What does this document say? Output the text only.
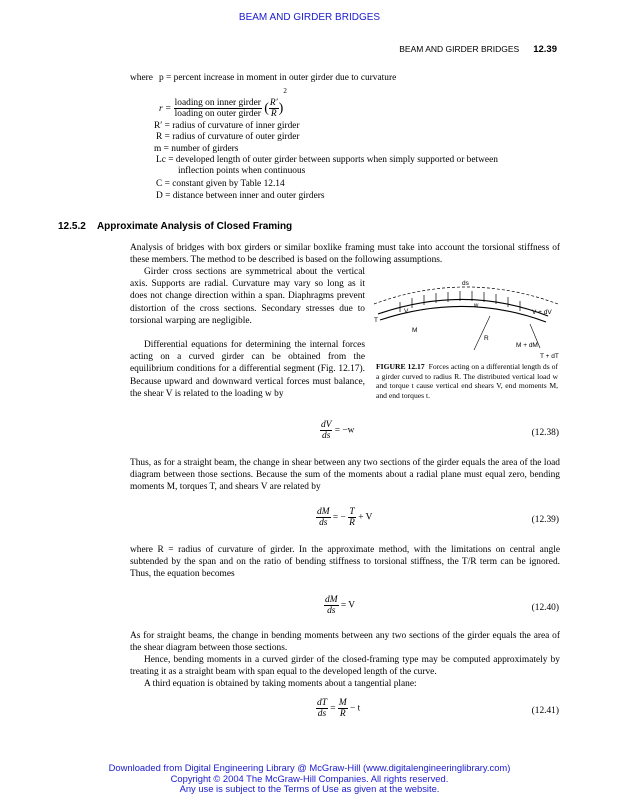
BEAM AND GIRDER BRIDGES
BEAM AND GIRDER BRIDGES 12.39
where p = percent increase in moment in outer girder due to curvature
$r = \frac{\text{loading on inner girder}}{\text{loading on outer girder}}$ ( $\frac{R'}{R} )^2$
R′ = radius of curvature of inner girder
R = radius of curvature of outer girder
m = number of girders
Lc = developed length of outer girder between supports when simply supported or between
inflection points when continuous
C = constant given by Table 12.14
D = distance between inner and outer girders
12.5.2 Approximate Analysis of Closed Framing
Analysis of bridges with box girders or similar boxlike framing must take into account the torsional stiffness of these members. The method to be described is based on the following assumptions.
Girder cross sections are symmetrical about the vertical axis. Supports are radial. Curvature may vary so long as it does not change direction within a span. Diaphragms prevent distortion of the cross sections. Secondary stresses due to torsional warping are negligible.
Differential equations for determining the internal forces acting on a curved girder can be obtained from the equilibrium conditions for a differential segment (Fig. 12.17). Because upward and downward vertical forces must balance, the shear V is related to the loading w by
ds
w
V	V + dV
M
M + dM
T
T + dT
R
FIGURE 12.17 Forces acting on a differential length ds of a girder curved to radius R. The distributed vertical load w and torque t cause vertical end shears V, end moments M, and end torques t.
$\frac{dV}{ds} = -w$	(12.38)
Thus, as for a straight beam, the change in shear between any two sections of the girder equals the area of the load diagram between those sections. Because the sum of the moments about a radial plane must equal zero, bending moments M, torques T, and shears V are related by
$\frac{dM}{ds}$ = − $\frac{T}{R} + V$	(12.39)
where R = radius of curvature of girder. In the approximate method, with the limitations on central angle subtended by the span and on the ratio of bending stiffness to torsional stiffness, the T/R term can be ignored. Thus, the equation becomes
$\frac{dM}{ds} = V$	(12.40)
As for straight beams, the change in bending moments between any two sections of the girder equals the area of the shear diagram between those sections.
Hence, bending moments in a curved girder of the closed-framing type may be computed approximately by treating it as a straight beam with span equal to the developed length of the curve.
A third equation is obtained by taking moments about a tangential plane:
$\frac{dT}{ds} = \frac{M}{R} - t$	(12.41)
Downloaded from Digital Engineering Library @ McGraw-Hill (www.digitalengineeringlibrary.com)
Copyright © 2004 The McGraw-Hill Companies. All rights reserved.
Any use is subject to the Terms of Use as given at the website.
